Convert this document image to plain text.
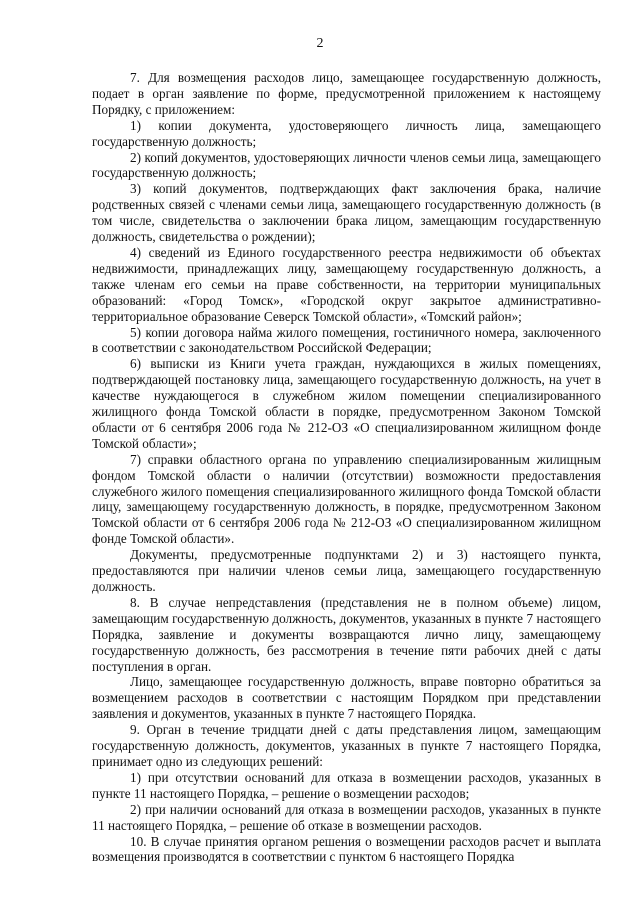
2

7. Для возмещения расходов лицо, замещающее государственную должность, подает в орган заявление по форме, предусмотренной приложением к настоящему Порядку, с приложением:

1) копии документа, удостоверяющего личность лица, замещающего государственную должность;

2) копий документов, удостоверяющих личности членов семьи лица, замещающего государственную должность;

3) копий документов, подтверждающих факт заключения брака, наличие родственных связей с членами семьи лица, замещающего государственную должность (в том числе, свидетельства о заключении брака лицом, замещающим государственную должность, свидетельства о рождении);

4) сведений из Единого государственного реестра недвижимости об объектах недвижимости, принадлежащих лицу, замещающему государственную должность, а также членам его семьи на праве собственности, на территории муниципальных образований: «Город Томск», «Городской округ закрытое административно-территориальное образование Северск Томской области», «Томский район»;

5) копии договора найма жилого помещения, гостиничного номера, заключенного в соответствии с законодательством Российской Федерации;

6) выписки из Книги учета граждан, нуждающихся в жилых помещениях, подтверждающей постановку лица, замещающего государственную должность, на учет в качестве нуждающегося в служебном жилом помещении специализированного жилищного фонда Томской области в порядке, предусмотренном Законом Томской области от 6 сентября 2006 года № 212-ОЗ «О специализированном жилищном фонде Томской области»;

7) справки областного органа по управлению специализированным жилищным фондом Томской области о наличии (отсутствии) возможности предоставления служебного жилого помещения специализированного жилищного фонда Томской области лицу, замещающему государственную должность, в порядке, предусмотренном Законом Томской области от 6 сентября 2006 года № 212-ОЗ «О специализированном жилищном фонде Томской области».

Документы, предусмотренные подпунктами 2) и 3) настоящего пункта, предоставляются при наличии членов семьи лица, замещающего государственную должность.

8. В случае непредставления (представления не в полном объеме) лицом, замещающим государственную должность, документов, указанных в пункте 7 настоящего Порядка, заявление и документы возвращаются лично лицу, замещающему государственную должность, без рассмотрения в течение пяти рабочих дней с даты поступления в орган.

Лицо, замещающее государственную должность, вправе повторно обратиться за возмещением расходов в соответствии с настоящим Порядком при представлении заявления и документов, указанных в пункте 7 настоящего Порядка.

9. Орган в течение тридцати дней с даты представления лицом, замещающим государственную должность, документов, указанных в пункте 7 настоящего Порядка, принимает одно из следующих решений:

1) при отсутствии оснований для отказа в возмещении расходов, указанных в пункте 11 настоящего Порядка, – решение о возмещении расходов;

2) при наличии оснований для отказа в возмещении расходов, указанных в пункте 11 настоящего Порядка, – решение об отказе в возмещении расходов.

10. В случае принятия органом решения о возмещении расходов расчет и выплата возмещения производятся в соответствии с пунктом 6 настоящего Порядка
